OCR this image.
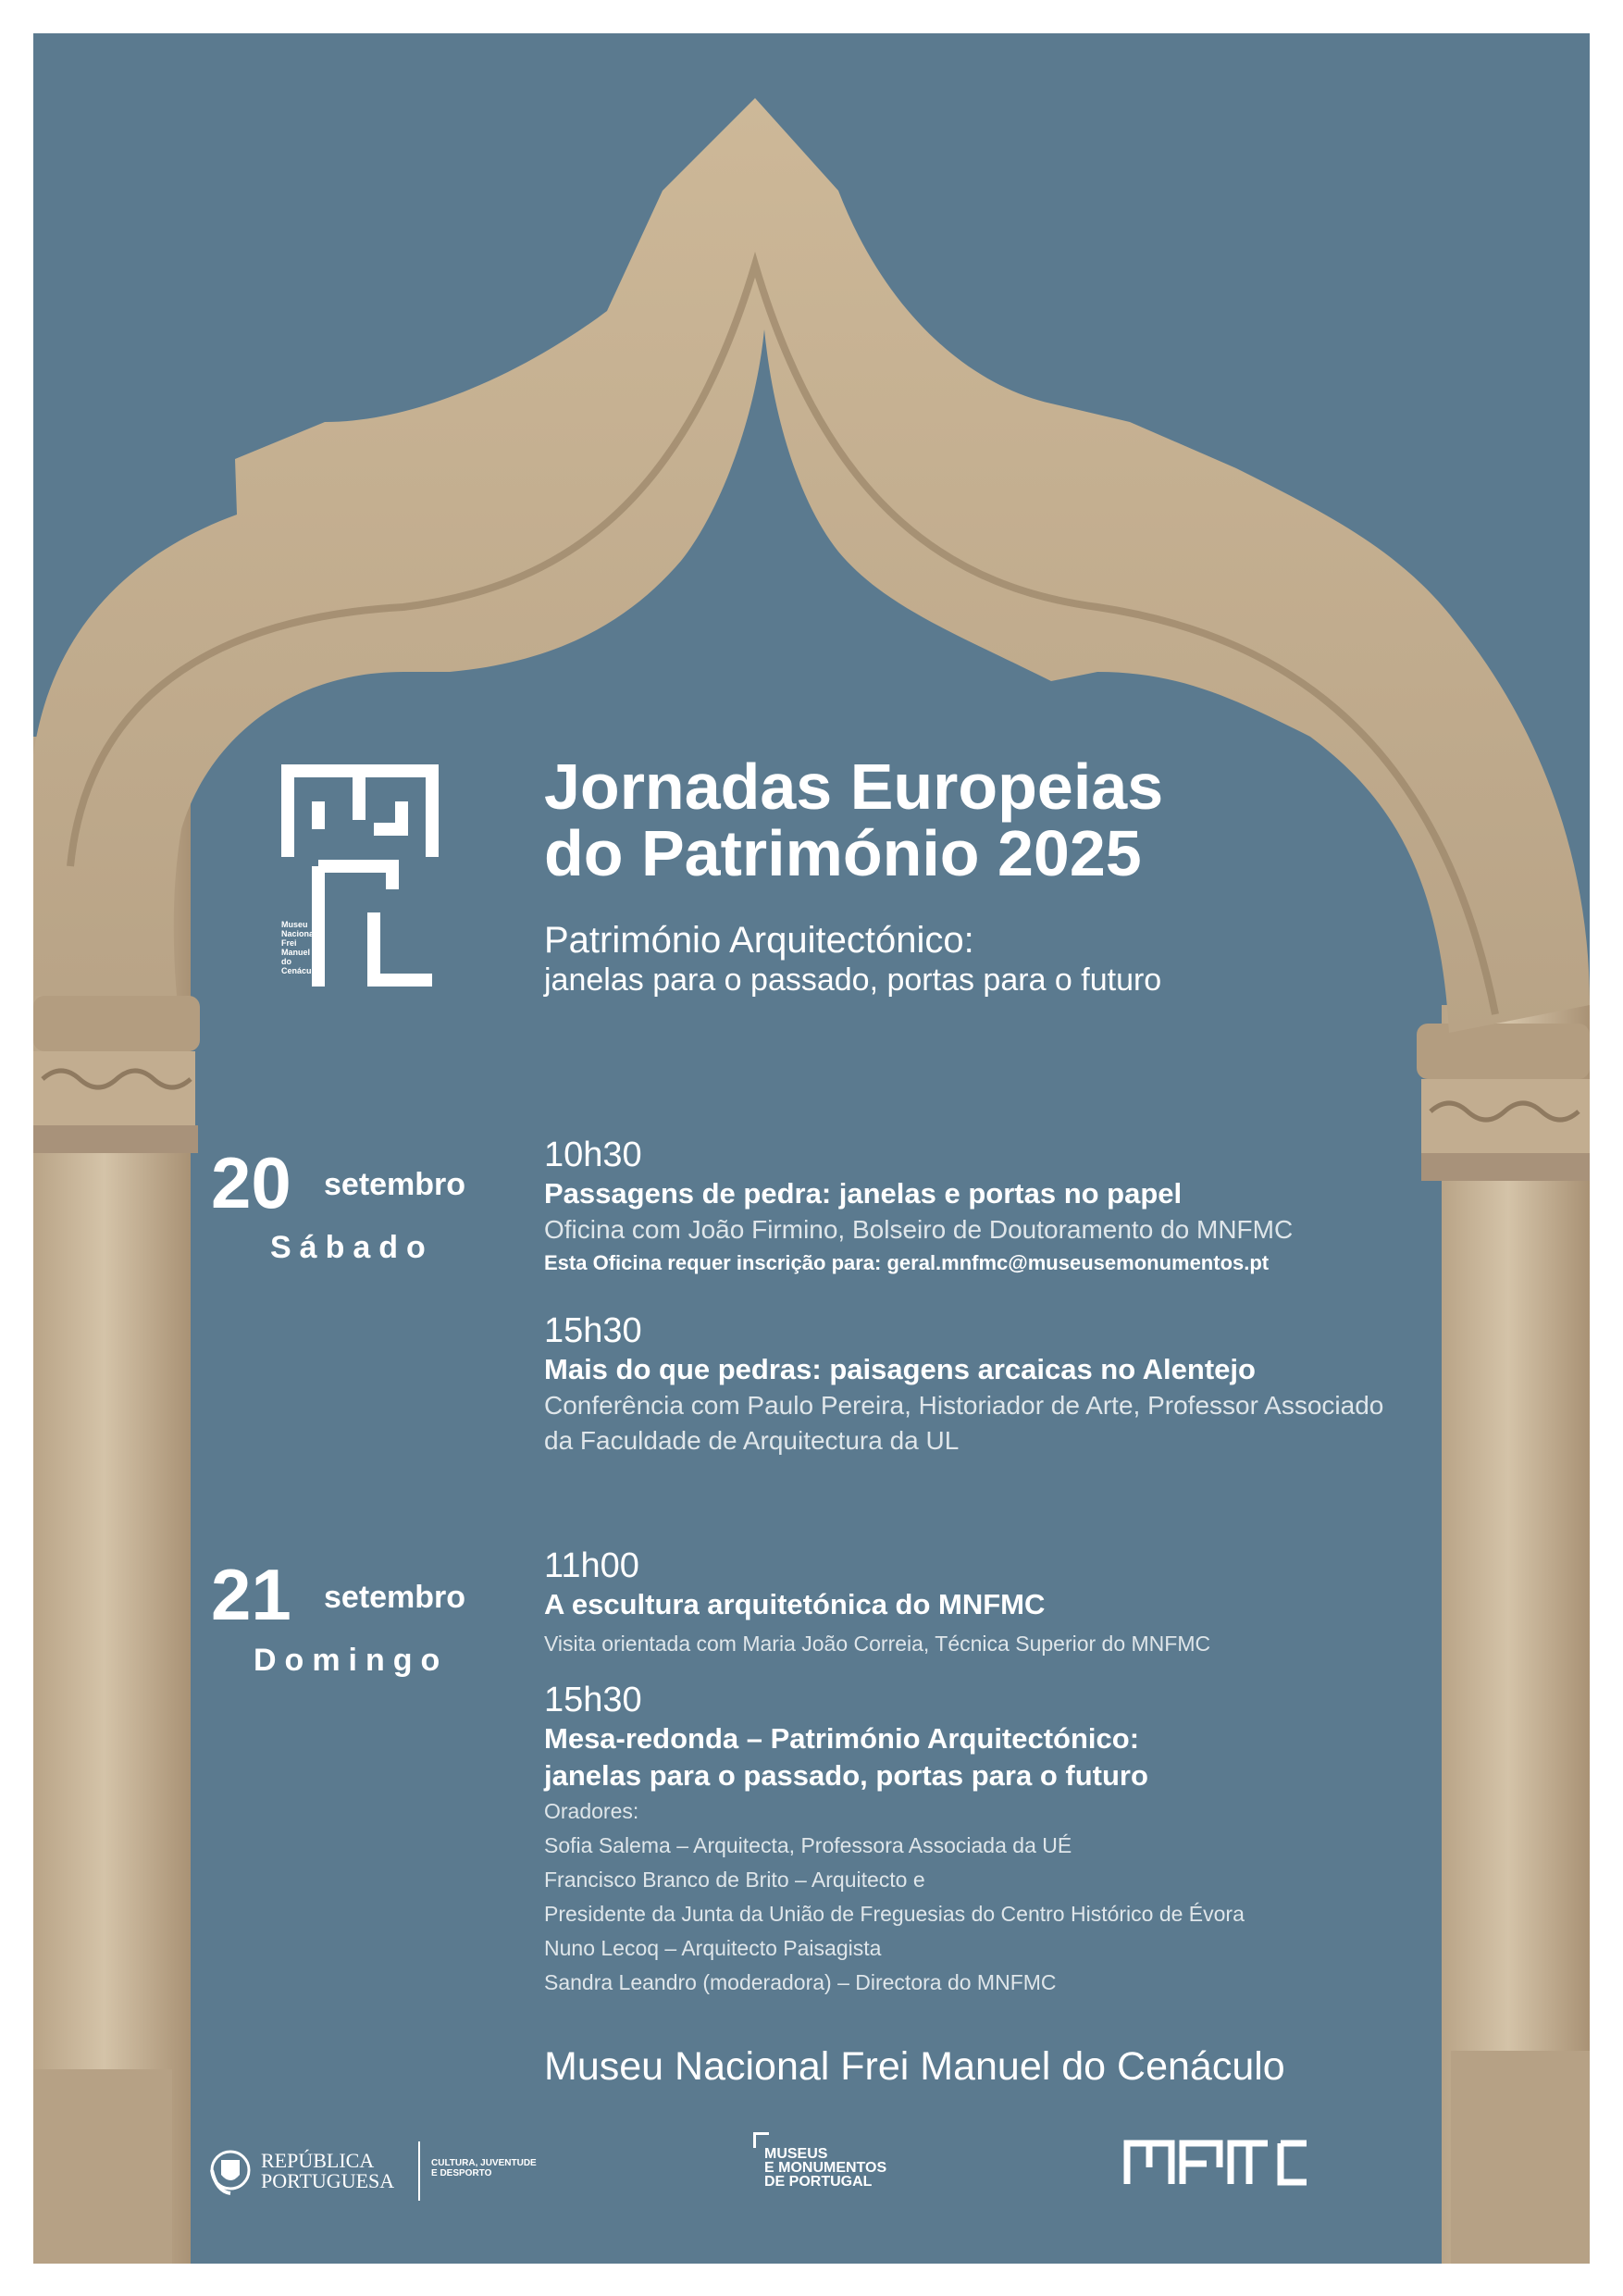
Museu
Nacional
Frei
Manuel
do
Cenáculo
Jornadas Europeias
do Património 2025
Património Arquitectónico:
janelas para o passado, portas para o futuro
20 setembro
Sábado
10h30
Passagens de pedra: janelas e portas no papel
Oficina com João Firmino, Bolseiro de Doutoramento do MNFMC
Esta Oficina requer inscrição para: geral.mnfmc@museusemonumentos.pt
15h30
Mais do que pedras: paisagens arcaicas no Alentejo
Conferência com Paulo Pereira, Historiador de Arte, Professor Associado
da Faculdade de Arquitectura da UL
21 setembro
Domingo
11h00
A escultura arquitetónica do MNFMC
Visita orientada com Maria João Correia, Técnica Superior do MNFMC
15h30
Mesa-redonda – Património Arquitectónico:
janelas para o passado, portas para o futuro
Oradores:
Sofia Salema – Arquitecta, Professora Associada da UÉ
Francisco Branco de Brito – Arquitecto e
Presidente da Junta da União de Freguesias do Centro Histórico de Évora
Nuno Lecoq – Arquitecto Paisagista
Sandra Leandro (moderadora) – Directora do MNFMC
Museu Nacional Frei Manuel do Cenáculo
REPÚBLICA
PORTUGUESA
CULTURA, JUVENTUDE
E DESPORTO
MUSEUS
E MONUMENTOS
DE PORTUGAL
